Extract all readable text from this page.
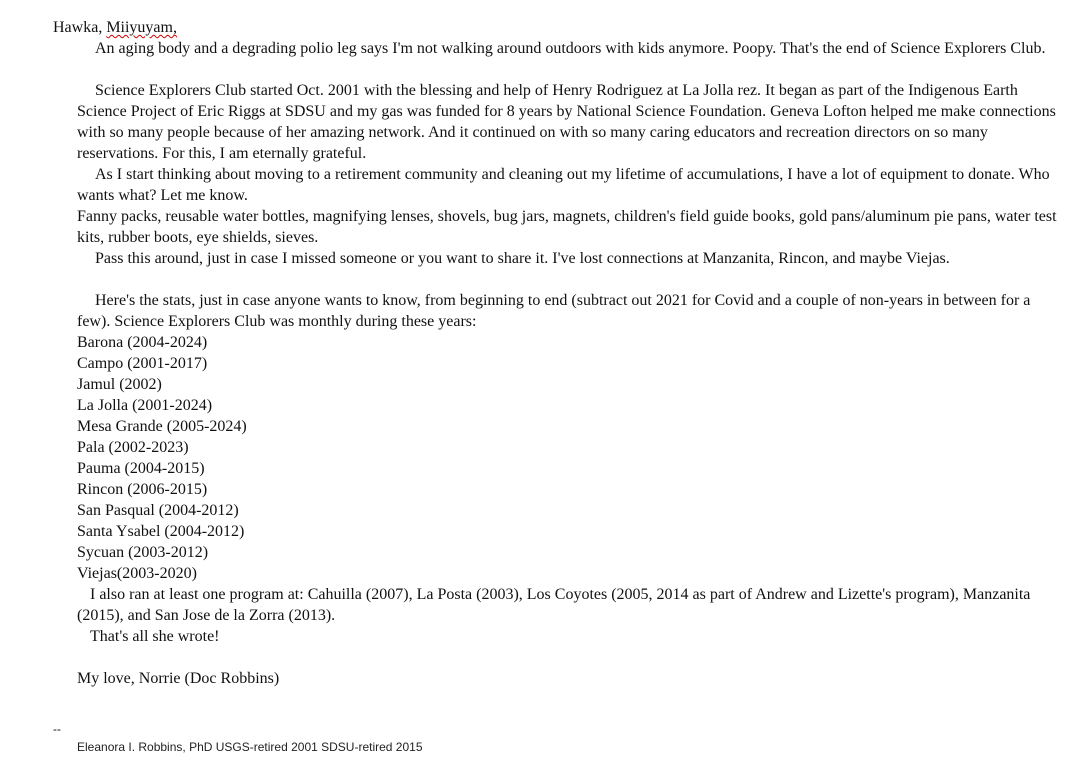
Hawka, Miiyuyam,

An aging body and a degrading polio leg says I'm not walking around outdoors with kids anymore. Poopy. That's the end of Science Explorers Club.

Science Explorers Club started Oct. 2001 with the blessing and help of Henry Rodriguez at La Jolla rez. It began as part of the Indigenous Earth Science Project of Eric Riggs at SDSU and my gas was funded for 8 years by National Science Foundation. Geneva Lofton helped me make connections with so many people because of her amazing network. And it continued on with so many caring educators and recreation directors on so many reservations. For this, I am eternally grateful.

As I start thinking about moving to a retirement community and cleaning out my lifetime of accumulations, I have a lot of equipment to donate. Who wants what? Let me know.

Fanny packs, reusable water bottles, magnifying lenses, shovels, bug jars, magnets, children's field guide books, gold pans/aluminum pie pans, water test kits, rubber boots, eye shields, sieves.

Pass this around, just in case I missed someone or you want to share it. I've lost connections at Manzanita, Rincon, and maybe Viejas.

Here's the stats, just in case anyone wants to know, from beginning to end (subtract out 2021 for Covid and a couple of non-years in between for a few). Science Explorers Club was monthly during these years:

Barona (2004-2024)
Campo (2001-2017)
Jamul (2002)
La Jolla (2001-2024)
Mesa Grande (2005-2024)
Pala (2002-2023)
Pauma (2004-2015)
Rincon (2006-2015)
San Pasqual (2004-2012)
Santa Ysabel (2004-2012)
Sycuan (2003-2012)
Viejas(2003-2020)

I also ran at least one program at: Cahuilla (2007), La Posta (2003), Los Coyotes (2005, 2014 as part of Andrew and Lizette's program), Manzanita (2015), and San Jose de la Zorra (2013).

That's all she wrote!

My love, Norrie (Doc Robbins)
--
Eleanora I. Robbins, PhD USGS-retired 2001 SDSU-retired 2015
